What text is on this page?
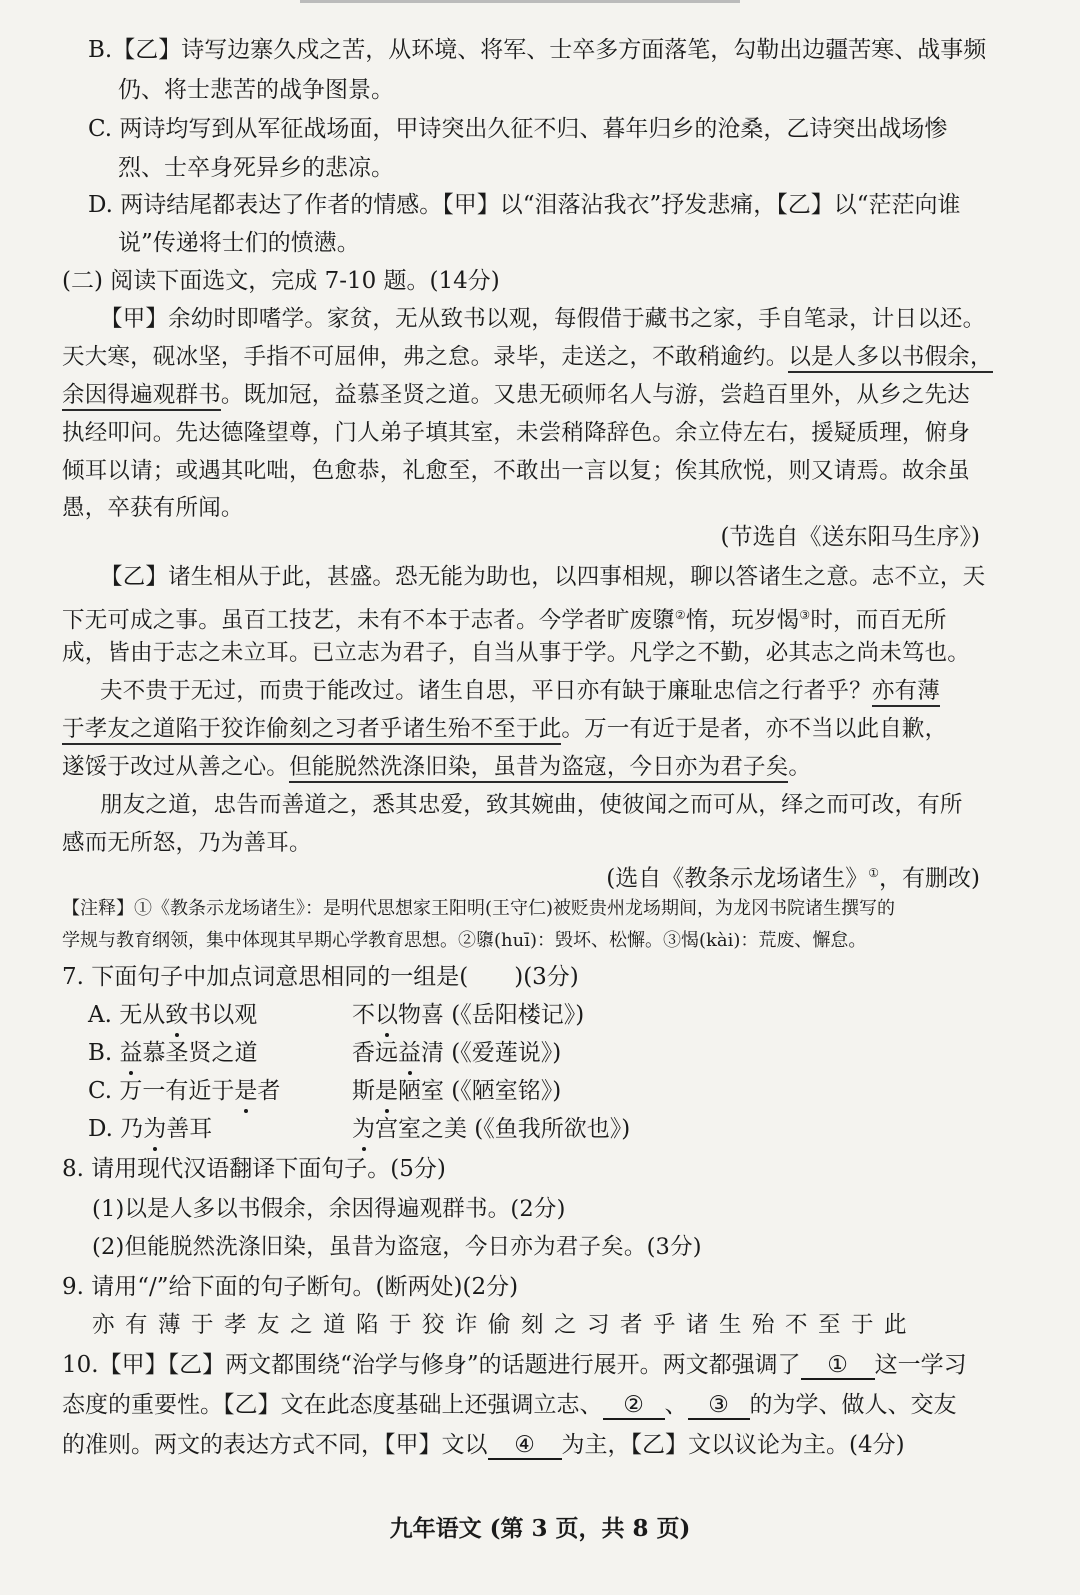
B.【乙】诗写边寨久戍之苦，从环境、将军、士卒多方面落笔，勾勒出边疆苦寒、战事频
仍、将士悲苦的战争图景。
C. 两诗均写到从军征战场面，甲诗突出久征不归、暮年归乡的沧桑，乙诗突出战场惨
烈、士卒身死异乡的悲凉。
D. 两诗结尾都表达了作者的情感。【甲】以“泪落沾我衣”抒发悲痛，【乙】以“茫茫向谁
说”传递将士们的愤懑。
(二) 阅读下面选文，完成 7-10 题。(14分)
【甲】余幼时即嗜学。家贫，无从致书以观，每假借于藏书之家，手自笔录，计日以还。
天大寒，砚冰坚，手指不可屈伸，弗之怠。录毕，走送之，不敢稍逾约。以是人多以书假余，
余因得遍观群书。既加冠，益慕圣贤之道。又患无硕师名人与游，尝趋百里外，从乡之先达
执经叩问。先达德隆望尊，门人弟子填其室，未尝稍降辞色。余立侍左右，援疑质理，俯身
倾耳以请；或遇其叱咄，色愈恭，礼愈至，不敢出一言以复；俟其欣悦，则又请焉。故余虽
愚，卒获有所闻。
(节选自《送东阳马生序》)
【乙】诸生相从于此，甚盛。恐无能为助也，以四事相规，聊以答诸生之意。志不立，天
下无可成之事。虽百工技艺，未有不本于志者。今学者旷废隳②惰，玩岁愒③时，而百无所
成，皆由于志之未立耳。已立志为君子，自当从事于学。凡学之不勤，必其志之尚未笃也。
夫不贵于无过，而贵于能改过。诸生自思，平日亦有缺于廉耻忠信之行者乎？亦有薄
于孝友之道陷于狡诈偷刻之习者乎诸生殆不至于此。万一有近于是者，亦不当以此自歉，
遂馁于改过从善之心。但能脱然洗涤旧染，虽昔为盗寇，今日亦为君子矣。
朋友之道，忠告而善道之，悉其忠爱，致其婉曲，使彼闻之而可从，绎之而可改，有所
感而无所怒，乃为善耳。
(选自《教条示龙场诸生》①，有删改)
【注释】①《教条示龙场诸生》：是明代思想家王阳明(王守仁)被贬贵州龙场期间，为龙冈书院诸生撰写的
学规与教育纲领，集中体现其早期心学教育思想。②隳(huī)：毁坏、松懈。③愒(kài)：荒废、懈怠。
7. 下面句子中加点词意思相同的一组是(　　)(3分)
A. 无从致书以观	不以物喜 (《岳阳楼记》)
B. 益慕圣贤之道	香远益清 (《爱莲说》)
C. 万一有近于是者	斯是陋室 (《陋室铭》)
D. 乃为善耳	为宫室之美 (《鱼我所欲也》)
8. 请用现代汉语翻译下面句子。(5分)
(1)以是人多以书假余，余因得遍观群书。(2分)
(2)但能脱然洗涤旧染，虽昔为盗寇，今日亦为君子矣。(3分)
9. 请用“/”给下面的句子断句。(断两处)(2分)
亦有薄于孝友之道陷于狡诈偷刻之习者乎诸生殆不至于此
10.【甲】【乙】两文都围绕“治学与修身”的话题进行展开。两文都强调了 ① 这一学习
态度的重要性。【乙】文在此态度基础上还强调立志、 ② 、 ③ 的为学、做人、交友
的准则。两文的表达方式不同，【甲】文以 ④ 为主，【乙】文以议论为主。(4分)
九年语文 (第 3 页，共 8 页)
